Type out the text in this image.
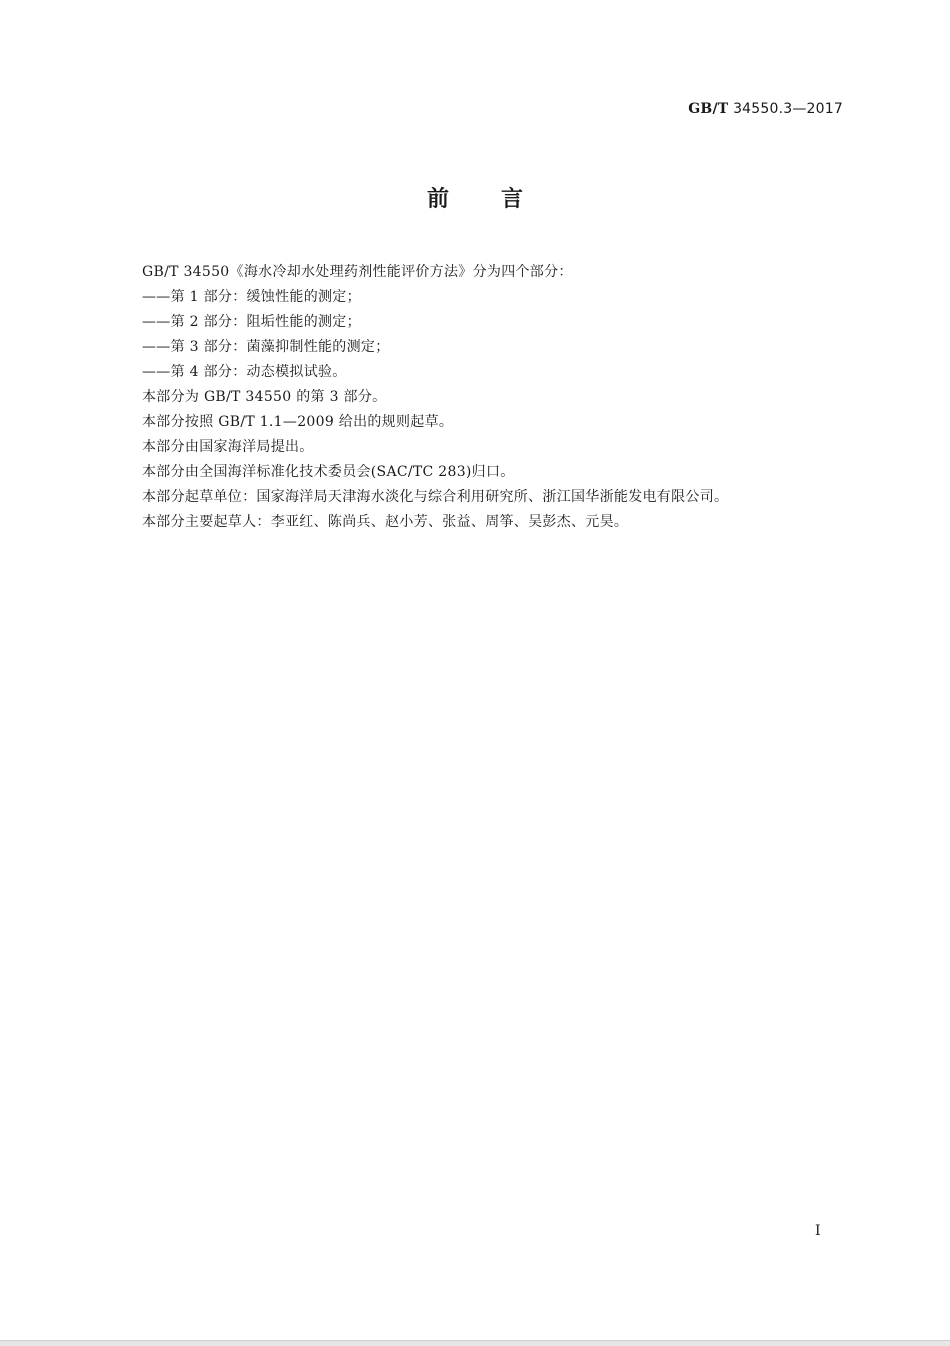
GB/T 34550.3—2017
前言
GB/T 34550《海水冷却水处理药剂性能评价方法》分为四个部分：
——第 1 部分：缓蚀性能的测定；
——第 2 部分：阻垢性能的测定；
——第 3 部分：菌藻抑制性能的测定；
——第 4 部分：动态模拟试验。
本部分为 GB/T 34550 的第 3 部分。
本部分按照 GB/T 1.1—2009 给出的规则起草。
本部分由国家海洋局提出。
本部分由全国海洋标准化技术委员会(SAC/TC 283)归口。
本部分起草单位：国家海洋局天津海水淡化与综合利用研究所、浙江国华浙能发电有限公司。
本部分主要起草人：李亚红、陈尚兵、赵小芳、张益、周筝、吴彭杰、元昊。
I
